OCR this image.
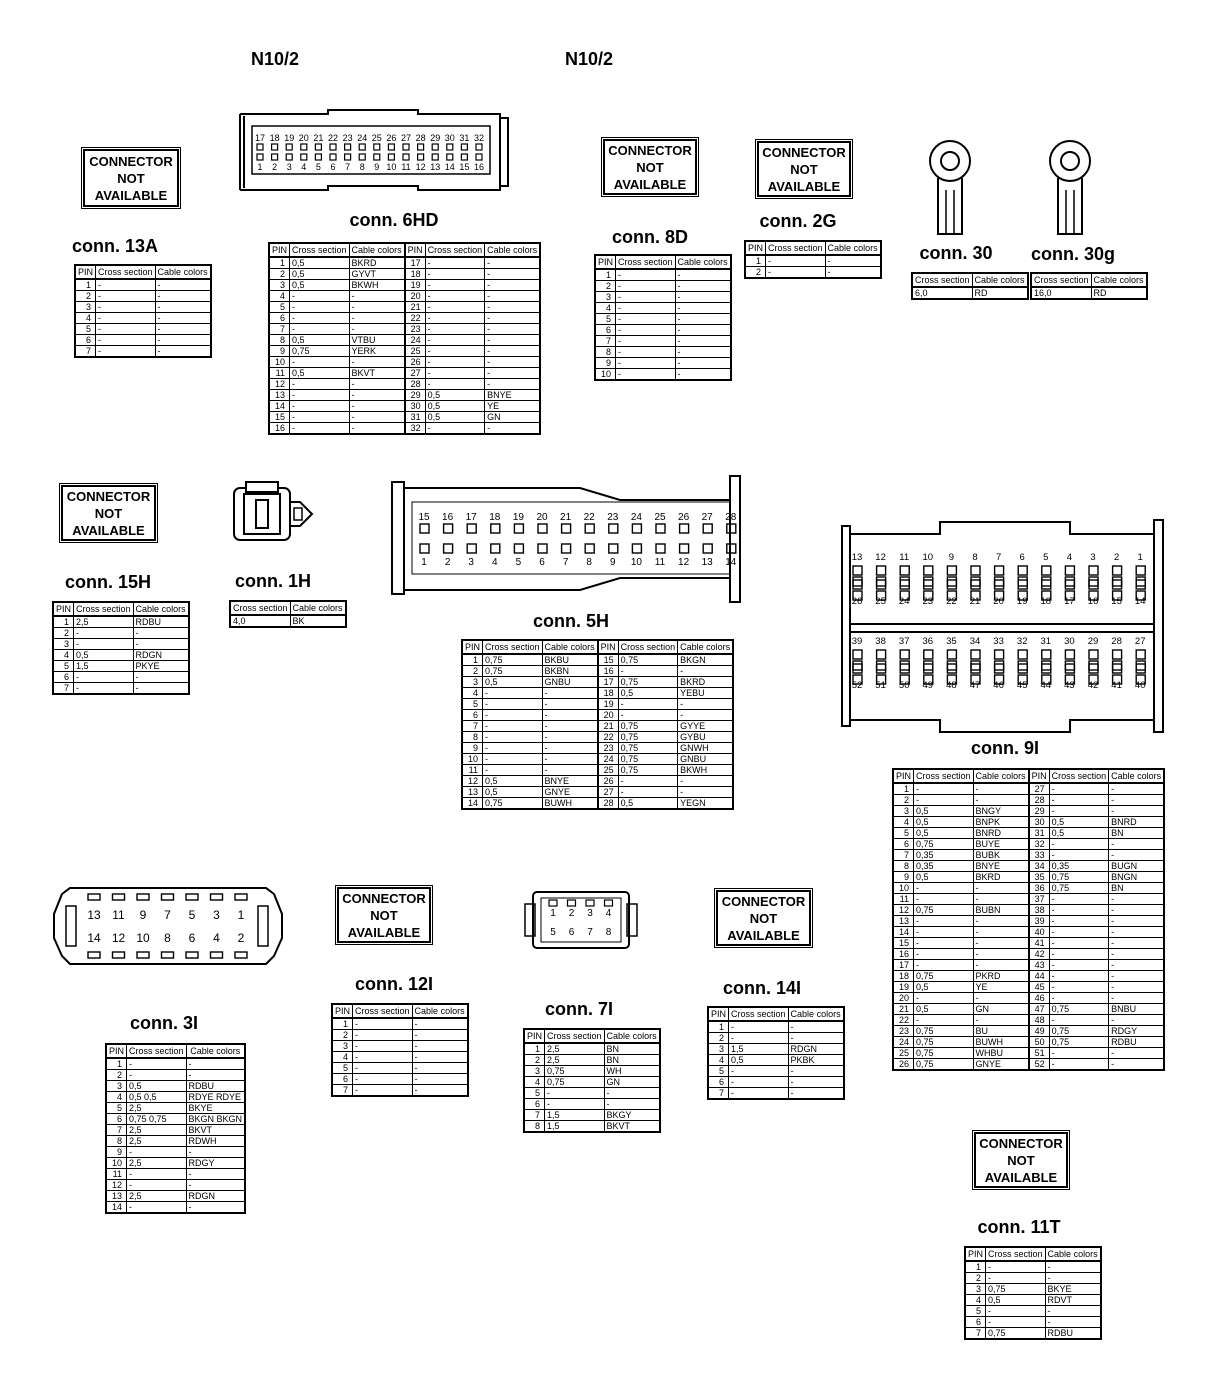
N10/2	N10/2
CONNECTOR
NOT
AVAILABLE
CONNECTOR
NOT
AVAILABLE
CONNECTOR
NOT
AVAILABLE
CONNECTOR
NOT
AVAILABLE
CONNECTOR
NOT
AVAILABLE
CONNECTOR
NOT
AVAILABLE
CONNECTOR
NOT
AVAILABLE
conn. 13A
conn. 6HD
conn. 8D
conn. 2G
conn. 30	conn. 30g
conn. 15H	conn. 1H
conn. 5H
conn. 9I
conn. 3I
conn. 12I
conn. 7I
conn. 14I
conn. 11T
PIN	Cross section	Cable colors
1	-	-
2	-	-
3	-	-
4	-	-
5	-	-
6	-	-
7	-	-
PIN	Cross section	Cable colors	PIN	Cross section	Cable colors
1	0,5	BKRD	17	-	-
2	0,5	GYVT	18	-	-
3	0,5	BKWH	19	-	-
4	-	-	20	-	-
5	-	-	21	-	-
6	-	-	22	-	-
7	-	-	23	-	-
8	0,5	VTBU	24	-	-
9	0,75	YERK	25	-	-
10	-	-	26	-	-
11	0,5	BKVT	27	-	-
12	-	-	28	-	-
13	-	-	29	0,5	BNYE
14	-	-	30	0,5	YE
15	-	-	31	0,5	GN
16	-	-	32	-	-
PIN	Cross section	Cable colors
1	-	-
2	-	-
3	-	-
4	-	-
5	-	-
6	-	-
7	-	-
8	-	-
9	-	-
10	-	-
PIN	Cross section	Cable colors
1	-	-
2	-	-
Cross section	Cable colors
6,0	RD
Cross section	Cable colors
16,0	RD
PIN	Cross section	Cable colors
1	2,5	RDBU
2	-	-
3	-	-
4	0,5	RDGN
5	1,5	PKYE
6	-	-
7	-	-
Cross section	Cable colors
4,0	BK
PIN	Cross section	Cable colors	PIN	Cross section	Cable colors
1	0,75	BKBU	15	0,75	BKGN
2	0,75	BKBN	16	-	-
3	0,5	GNBU	17	0,75	BKRD
4	-	-	18	0,5	YEBU
5	-	-	19	-	-
6	-	-	20	-	-
7	-	-	21	0,75	GYYE
8	-	-	22	0,75	GYBU
9	-	-	23	0,75	GNWH
10	-	-	24	0,75	GNBU
11	-	-	25	0,75	BKWH
12	0,5	BNYE	26	-	-
13	0,5	GNYE	27	-	-
14	0,75	BUWH	28	0,5	YEGN
PIN	Cross section	Cable colors	PIN	Cross section	Cable colors
1	-	-	27	-	-
2	-	-	28	-	-
3	0,5	BNGY	29	-	-
4	0,5	BNPK	30	0,5	BNRD
5	0,5	BNRD	31	0,5	BN
6	0,75	BUYE	32	-	-
7	0,35	BUBK	33	-	-
8	0,35	BNYE	34	0,35	BUGN
9	0,5	BKRD	35	0,75	BNGN
10	-	-	36	0,75	BN
11	-	-	37	-	-
12	0,75	BUBN	38	-	-
13	-	-	39	-	-
14	-	-	40	-	-
15	-	-	41	-	-
16	-	-	42	-	-
17	-	-	43	-	-
18	0,75	PKRD	44	-	-
19	0,5	YE	45	-	-
20	-	-	46	-	-
21	0,5	GN	47	0,75	BNBU
22	-	-	48	-	-
23	0,75	BU	49	0,75	RDGY
24	0,75	BUWH	50	0,75	RDBU
25	0,75	WHBU	51	-	-
26	0,75	GNYE	52	-	-
PIN	Cross section	Cable colors
1	-	-
2	-	-
3	0,5	RDBU
4	0,5 0,5	RDYE RDYE
5	2,5	BKYE
6	0,75 0,75	BKGN BKGN
7	2,5	BKVT
8	2,5	RDWH
9	-	-
10	2,5	RDGY
11	-	-
12	-	-
13	2,5	RDGN
14	-	-
PIN	Cross section	Cable colors
1	-	-
2	-	-
3	-	-
4	-	-
5	-	-
6	-	-
7	-	-
PIN	Cross section	Cable colors
1	2,5	BN
2	2,5	BN
3	0,75	WH
4	0,75	GN
5	-	-
6	-	-
7	1,5	BKGY
8	1,5	BKVT
PIN	Cross section	Cable colors
1	-	-
2	-	-
3	1,5	RDGN
4	0,5	PKBK
5	-	-
6	-	-
7	-	-
PIN	Cross section	Cable colors
1	-	-
2	-	-
3	0,75	BKYE
4	0,5	RDVT
5	-	-
6	-	-
7	0,75	RDBU
17
1
18
2
19
3
20
4
21
5
22
6
23
7
24
8
25
9
26
10
27
11
28
12
29
13
30
14
31
15
32
16
15
1
16
2
17
3
18
4
19
5
20
6
21
7
22
8
23
9
24
10
25
11
26
12
27
13
28
14	13 12 11 10 9 8 7 6 5 4 3 2 1
26 25 24 23 22 21 20 19 18 17 16 15 14
39 38 37 36 35 34 33 32 31 30 29 28 27
52 51 50 49 48 47 46 45 44 43 42 41 40
13
14
11
12
9
10
7
8
5
6
3
4
1
2
1
5
2
6
3
7
4
8
